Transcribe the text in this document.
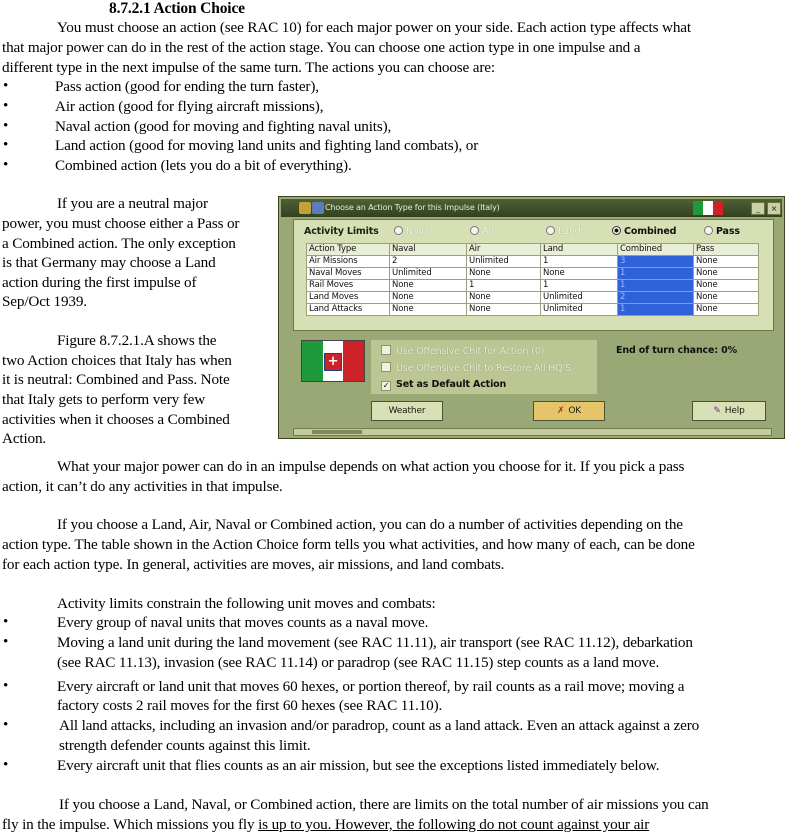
8.7.2.1 Action Choice
You must choose an action (see RAC 10) for each major power on your side. Each action type affects what
that major power can do in the rest of the action stage. You can choose one action type in one impulse and a
different type in the next impulse of the same turn. The actions you can choose are:
•	Pass action (good for ending the turn faster),
•	Air action (good for flying aircraft missions),
•	Naval action (good for moving and fighting naval units),
•	Land action (good for moving land units and fighting land combats), or
•	Combined action (lets you do a bit of everything).
If you are a neutral major
power, you must choose either a Pass or
a Combined action. The only exception
is that Germany may choose a Land
action during the first impulse of
Sep/Oct 1939.
Figure 8.7.2.1.A shows the
two Action choices that Italy has when
it is neutral: Combined and Pass. Note
that Italy gets to perform very few
activities when it chooses a Combined
Action.
Choose an Action Type for this Impulse (Italy)	_	×
Activity Limits	Naval	Air	Land	Combined	Pass
Action Type	Naval	Air	Land	Combined	Pass
Air Missions	2	Unlimited	1	3	None
Naval Moves	Unlimited	None	None	1	None
Rail Moves	None	1	1	1	None
Land Moves	None	None	Unlimited	2	None
Land Attacks	None	None	Unlimited	1	None
+
Use Offensive Chit for Action (0)
Use Offensive Chit to Restore All HQ'S
✓ Set as Default Action
End of turn chance: 0%
Weather	✗ OK	✎ Help
What your major power can do in an impulse depends on what action you choose for it. If you pick a pass
action, it can’t do any activities in that impulse.
If you choose a Land, Air, Naval or Combined action, you can do a number of activities depending on the
action type. The table shown in the Action Choice form tells you what activities, and how many of each, can be done
for each action type. In general, activities are moves, air missions, and land combats.
Activity limits constrain the following unit moves and combats:
•	Every group of naval units that moves counts as a naval move.
•	Moving a land unit during the land movement (see RAC 11.11), air transport (see RAC 11.12), debarkation
(see RAC 11.13), invasion (see RAC 11.14) or paradrop (see RAC 11.15) step counts as a land move.
•	Every aircraft or land unit that moves 60 hexes, or portion thereof, by rail counts as a rail move; moving a
factory costs 2 rail moves for the first 60 hexes (see RAC 11.10).
•	All land attacks, including an invasion and/or paradrop, count as a land attack. Even an attack against a zero
strength defender counts against this limit.
•	Every aircraft unit that flies counts as an air mission, but see the exceptions listed immediately below.
If you choose a Land, Naval, or Combined action, there are limits on the total number of air missions you can
fly in the impulse. Which missions you fly is up to you. However, the following do not count against your air
